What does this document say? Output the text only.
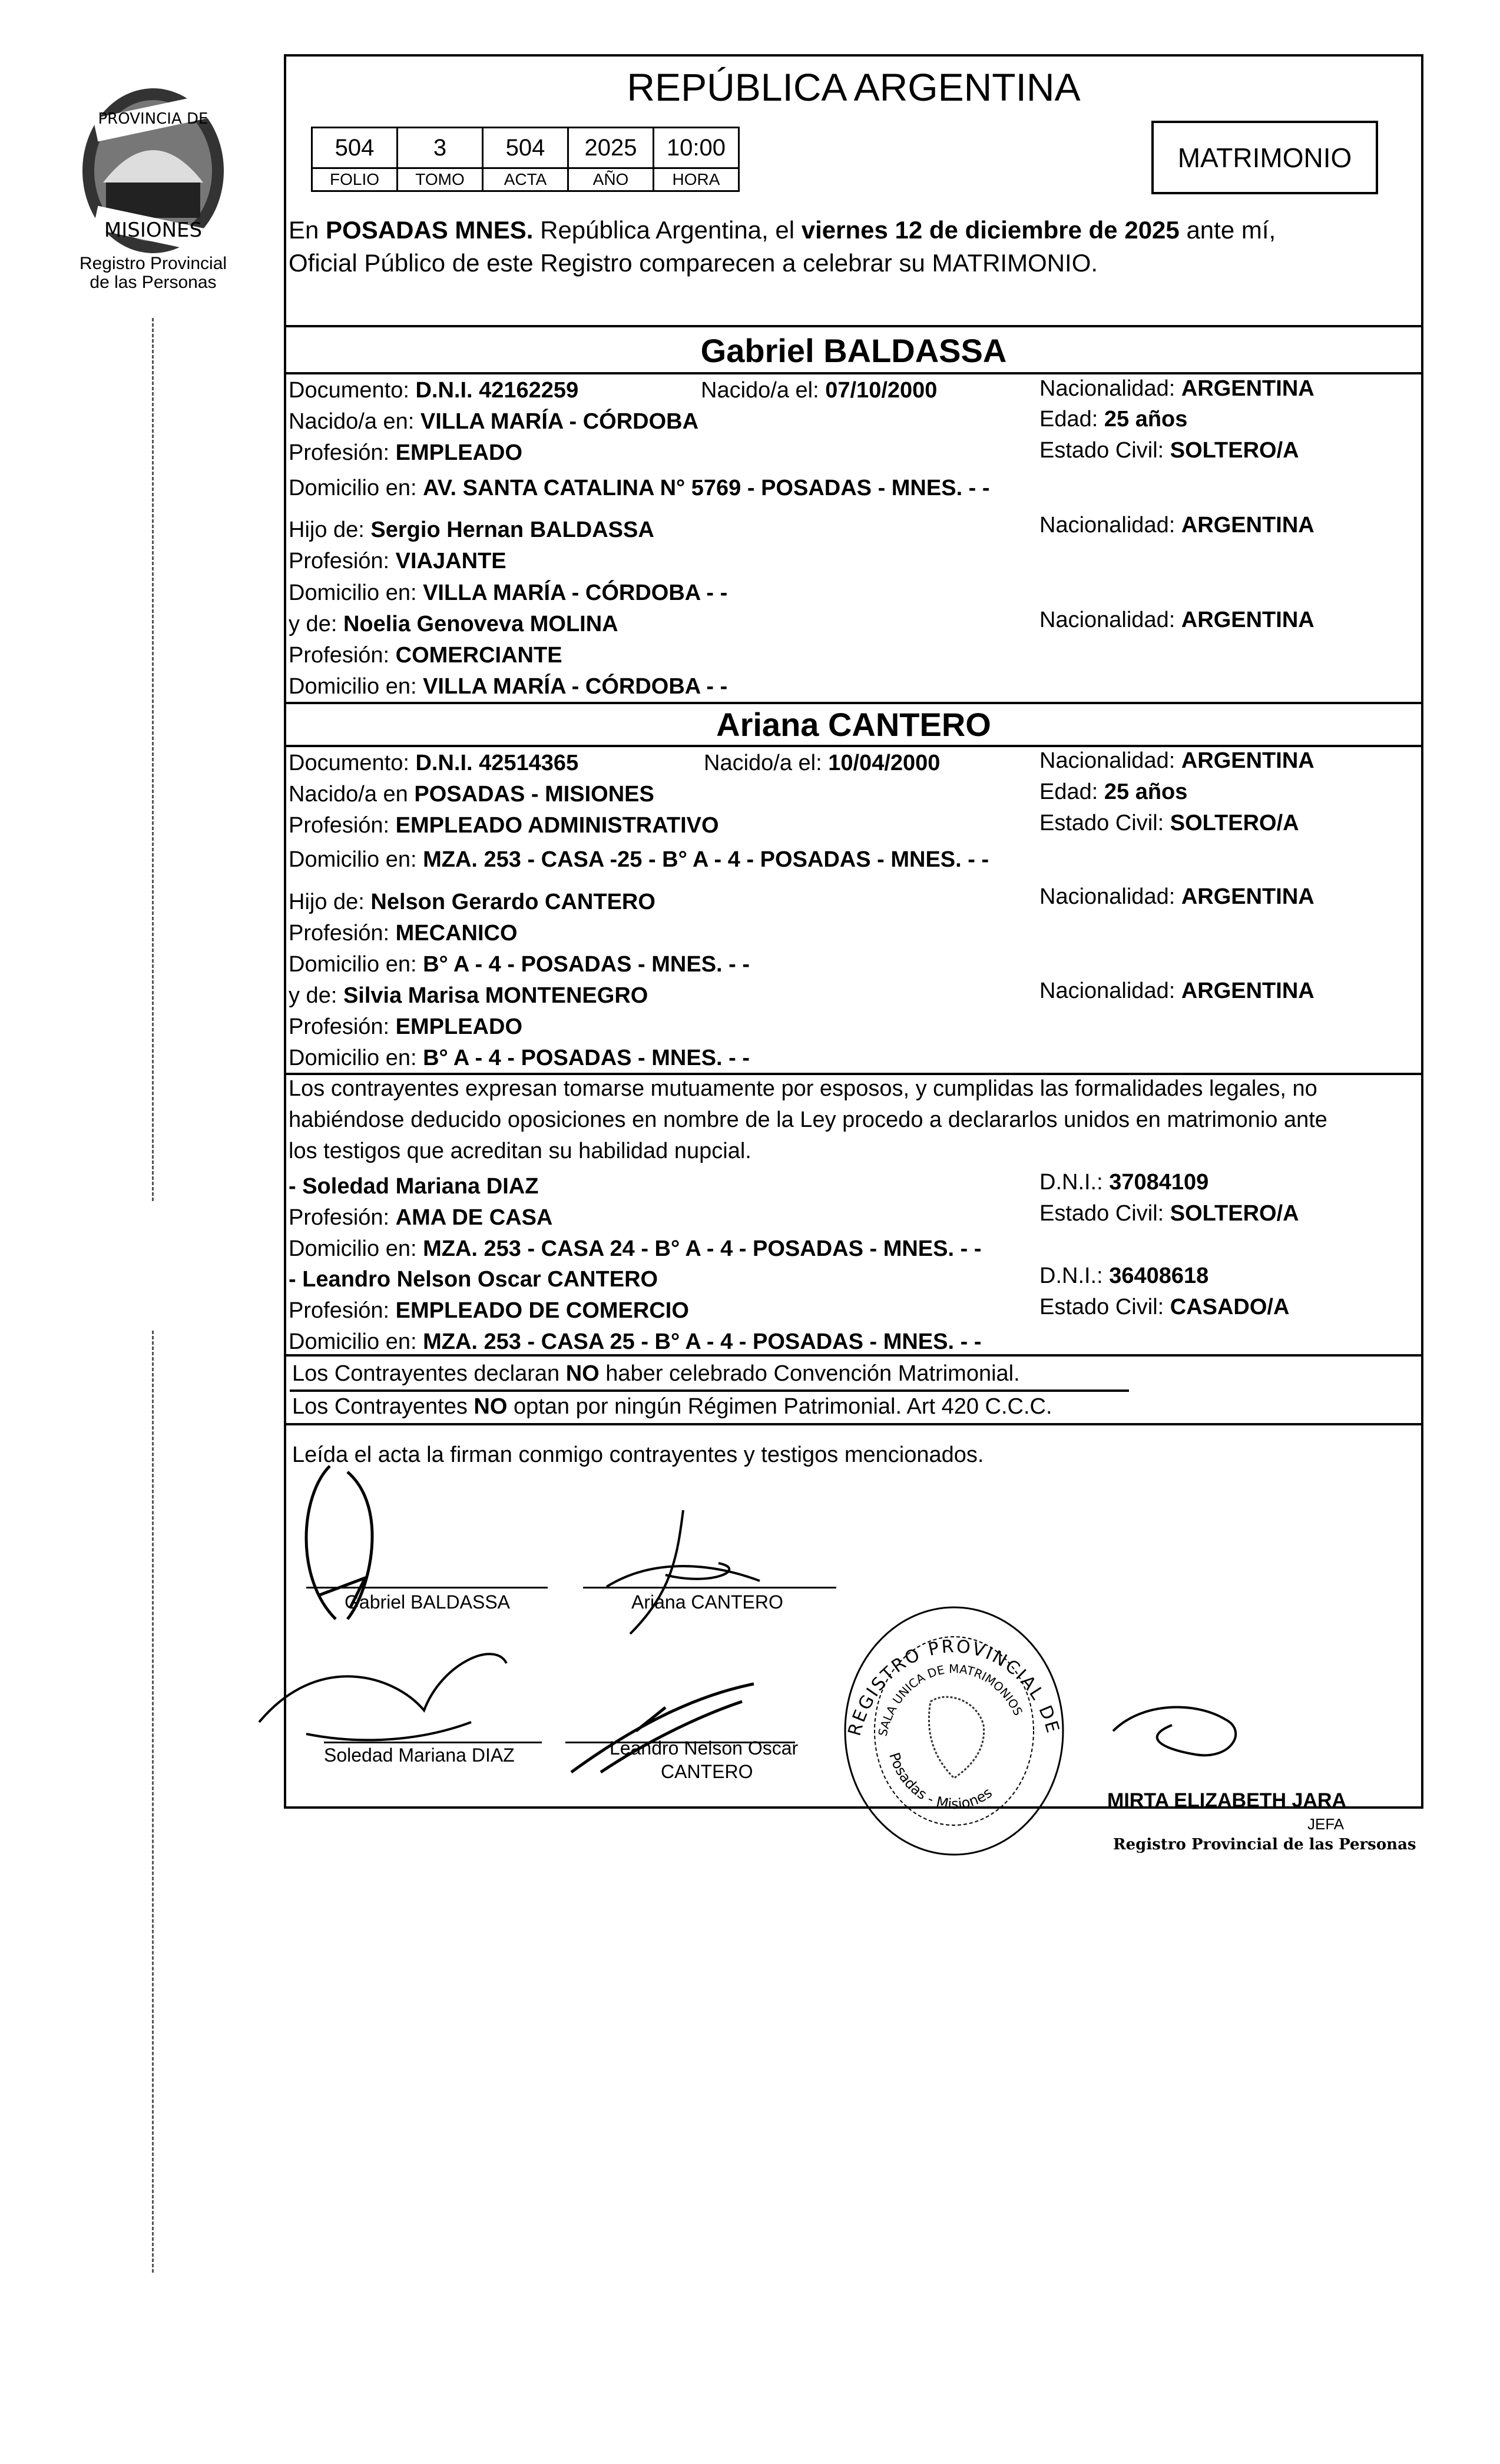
PROVINCIA DE
MISIONES
Registro Provincial
de las Personas
REPÚBLICA ARGENTINA
504	3	504	2025	10:00
FOLIO	TOMO	ACTA	AÑO	HORA
MATRIMONIO
En POSADAS MNES. República Argentina, el viernes 12 de diciembre de 2025 ante mí,
Oficial Público de este Registro comparecen a celebrar su MATRIMONIO.
Gabriel BALDASSA
Documento: D.N.I. 42162259	Nacido/a el: 07/10/2000	Nacionalidad: ARGENTINA
Nacido/a en: VILLA MARÍA - CÓRDOBA	Edad: 25 años
Profesión: EMPLEADO	Estado Civil: SOLTERO/A
Domicilio en: AV. SANTA CATALINA N° 5769 - POSADAS - MNES. - -
Hijo de: Sergio Hernan BALDASSA	Nacionalidad: ARGENTINA
Profesión: VIAJANTE
Domicilio en: VILLA MARÍA - CÓRDOBA - -
y de: Noelia Genoveva MOLINA	Nacionalidad: ARGENTINA
Profesión: COMERCIANTE
Domicilio en: VILLA MARÍA - CÓRDOBA - -
Ariana CANTERO
Documento: D.N.I. 42514365	Nacido/a el: 10/04/2000	Nacionalidad: ARGENTINA
Nacido/a en POSADAS - MISIONES	Edad: 25 años
Profesión: EMPLEADO ADMINISTRATIVO	Estado Civil: SOLTERO/A
Domicilio en: MZA. 253 - CASA -25 - B° A - 4 - POSADAS - MNES. - -
Hijo de: Nelson Gerardo CANTERO	Nacionalidad: ARGENTINA
Profesión: MECANICO
Domicilio en: B° A - 4 - POSADAS - MNES. - -
y de: Silvia Marisa MONTENEGRO	Nacionalidad: ARGENTINA
Profesión: EMPLEADO
Domicilio en: B° A - 4 - POSADAS - MNES. - -
Los contrayentes expresan tomarse mutuamente por esposos, y cumplidas las formalidades legales, no
habiéndose deducido oposiciones en nombre de la Ley procedo a declararlos unidos en matrimonio ante
los testigos que acreditan su habilidad nupcial.
- Soledad Mariana DIAZ	D.N.I.: 37084109
Profesión: AMA DE CASA	Estado Civil: SOLTERO/A
Domicilio en: MZA. 253 - CASA 24 - B° A - 4 - POSADAS - MNES. - -
- Leandro Nelson Oscar CANTERO	D.N.I.: 36408618
Profesión: EMPLEADO DE COMERCIO	Estado Civil: CASADO/A
Domicilio en: MZA. 253 - CASA 25 - B° A - 4 - POSADAS - MNES. - -
Los Contrayentes declaran NO haber celebrado Convención Matrimonial.
Los Contrayentes NO optan por ningún Régimen Patrimonial. Art 420 C.C.C.
Leída el acta la firman conmigo contrayentes y testigos mencionados.
Gabriel BALDASSA	Ariana CANTERO
Soledad Mariana DIAZ	Leandro Nelson Oscar
CANTERO
REGISTRO PROVINCIAL DE
SALA UNICA DE MATRIMONIOS
Posadas - Misiones	MIRTA ELIZABETH JARA
JEFA
Registro Provincial de las Personas
